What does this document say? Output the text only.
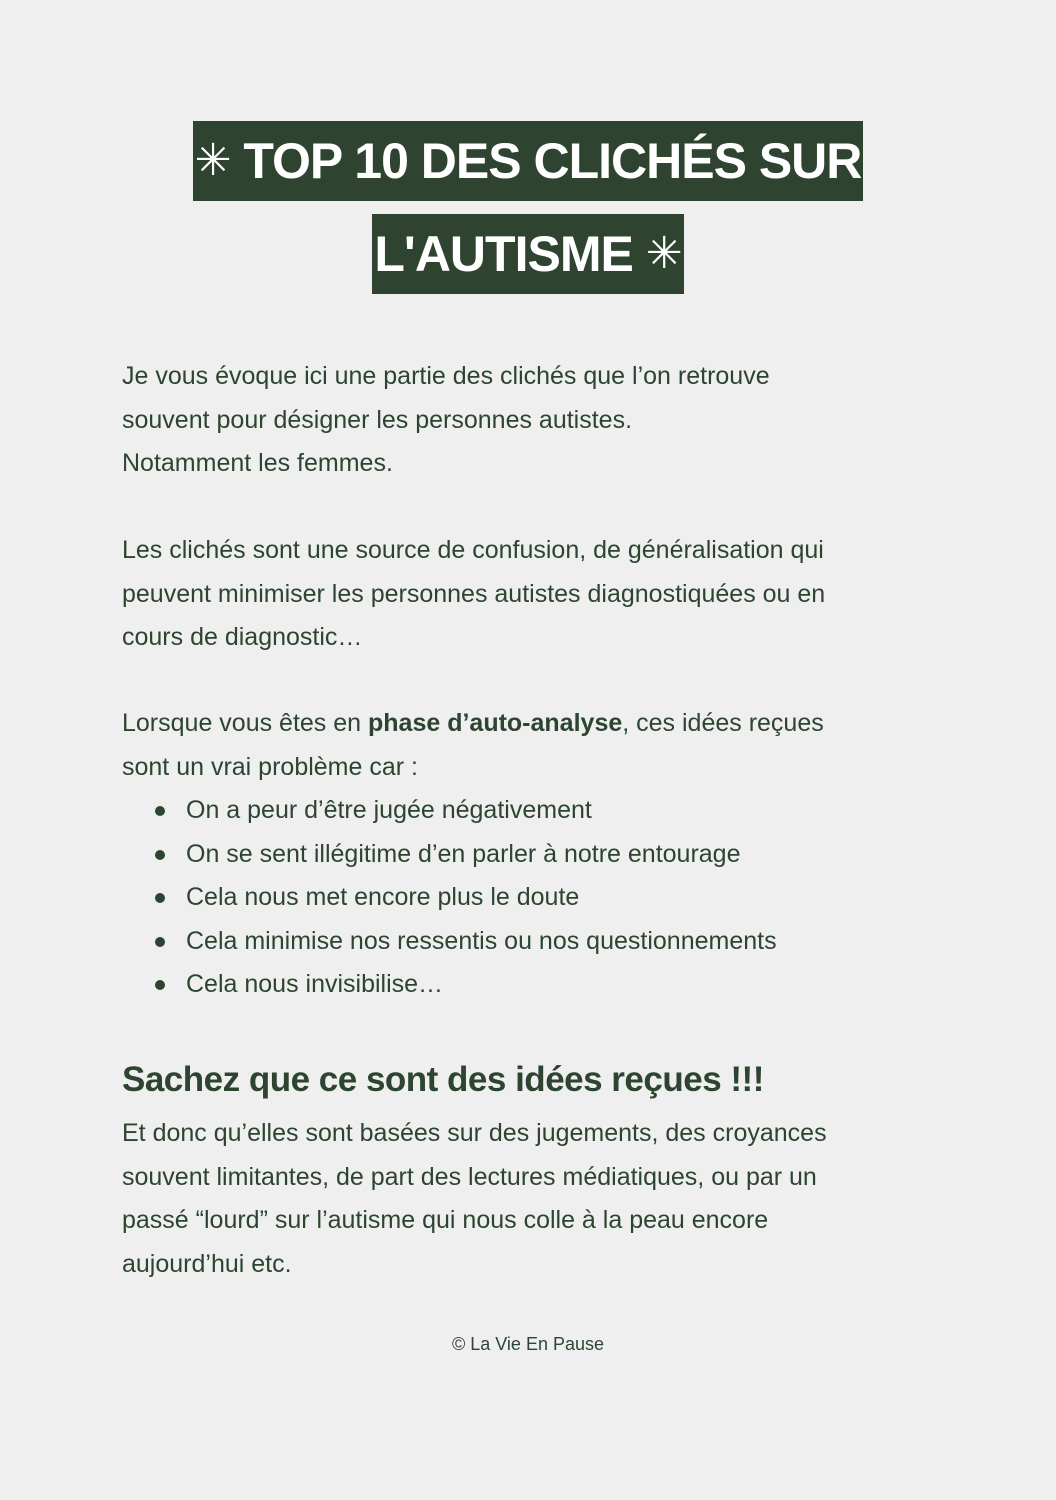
✳ TOP 10 DES CLICHÉS SUR
L'AUTISME ✳
Je vous évoque ici une partie des clichés que l’on retrouve
souvent pour désigner les personnes autistes.
Notamment les femmes.
Les clichés sont une source de confusion, de généralisation qui
peuvent minimiser les personnes autistes diagnostiquées ou en
cours de diagnostic…
Lorsque vous êtes en phase d’auto-analyse, ces idées reçues
sont un vrai problème car :
On a peur d’être jugée négativement
On se sent illégitime d’en parler à notre entourage
Cela nous met encore plus le doute
Cela minimise nos ressentis ou nos questionnements
Cela nous invisibilise…
Sachez que ce sont des idées reçues !!!
Et donc qu’elles sont basées sur des jugements, des croyances
souvent limitantes, de part des lectures médiatiques, ou par un
passé “lourd” sur l’autisme qui nous colle à la peau encore
aujourd’hui etc.
© La Vie En Pause
